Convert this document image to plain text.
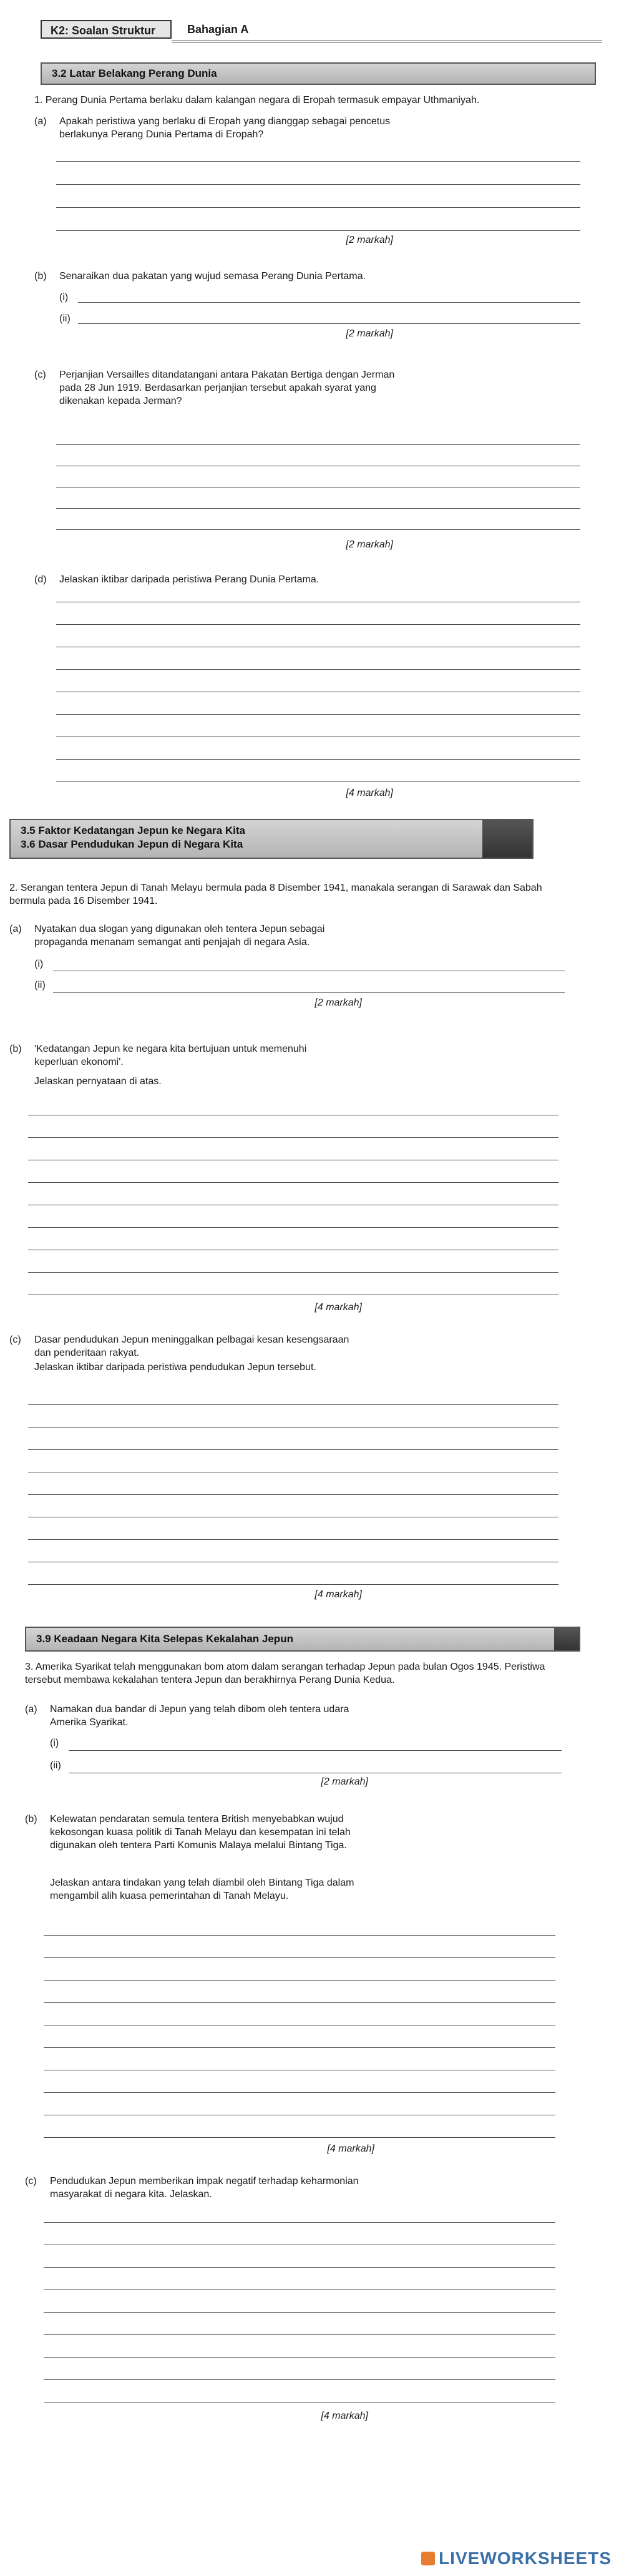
K2: Soalan Struktur	Bahagian A
3.2 Latar Belakang Perang Dunia
1. Perang Dunia Pertama berlaku dalam kalangan negara di Eropah termasuk empayar Uthmaniyah.
(a) Apakah peristiwa yang berlaku di Eropah yang dianggap sebagai pencetus berlakunya Perang Dunia Pertama di Eropah?
[2 markah]
(b) Senaraikan dua pakatan yang wujud semasa Perang Dunia Pertama.
(i)
(ii)
[2 markah]
(c) Perjanjian Versailles ditandatangani antara Pakatan Bertiga dengan Jerman pada 28 Jun 1919. Berdasarkan perjanjian tersebut apakah syarat yang dikenakan kepada Jerman?
[2 markah]
(d) Jelaskan iktibar daripada peristiwa Perang Dunia Pertama.
[4 markah]
3.5 Faktor Kedatangan Jepun ke Negara Kita
3.6 Dasar Pendudukan Jepun di Negara Kita
2. Serangan tentera Jepun di Tanah Melayu bermula pada 8 Disember 1941, manakala serangan di Sarawak dan Sabah bermula pada 16 Disember 1941.
(a) Nyatakan dua slogan yang digunakan oleh tentera Jepun sebagai propaganda menanam semangat anti penjajah di negara Asia.
(i)
(ii)
[2 markah]
(b) 'Kedatangan Jepun ke negara kita bertujuan untuk memenuhi keperluan ekonomi'.
Jelaskan pernyataan di atas.
[4 markah]
(c) Dasar pendudukan Jepun meninggalkan pelbagai kesan kesengsaraan dan penderitaan rakyat.
Jelaskan iktibar daripada peristiwa pendudukan Jepun tersebut.
[4 markah]
3.9 Keadaan Negara Kita Selepas Kekalahan Jepun
3. Amerika Syarikat telah menggunakan bom atom dalam serangan terhadap Jepun pada bulan Ogos 1945. Peristiwa tersebut membawa kekalahan tentera Jepun dan berakhirnya Perang Dunia Kedua.
(a) Namakan dua bandar di Jepun yang telah dibom oleh tentera udara Amerika Syarikat.
(i)
(ii)
[2 markah]
(b) Kelewatan pendaratan semula tentera British menyebabkan wujud kekosongan kuasa politik di Tanah Melayu dan kesempatan ini telah digunakan oleh tentera Parti Komunis Malaya melalui Bintang Tiga.
Jelaskan antara tindakan yang telah diambil oleh Bintang Tiga dalam mengambil alih kuasa pemerintahan di Tanah Melayu.
[4 markah]
(c) Pendudukan Jepun memberikan impak negatif terhadap keharmonian masyarakat di negara kita. Jelaskan.
[4 markah]
LIVEWORKSHEETS
